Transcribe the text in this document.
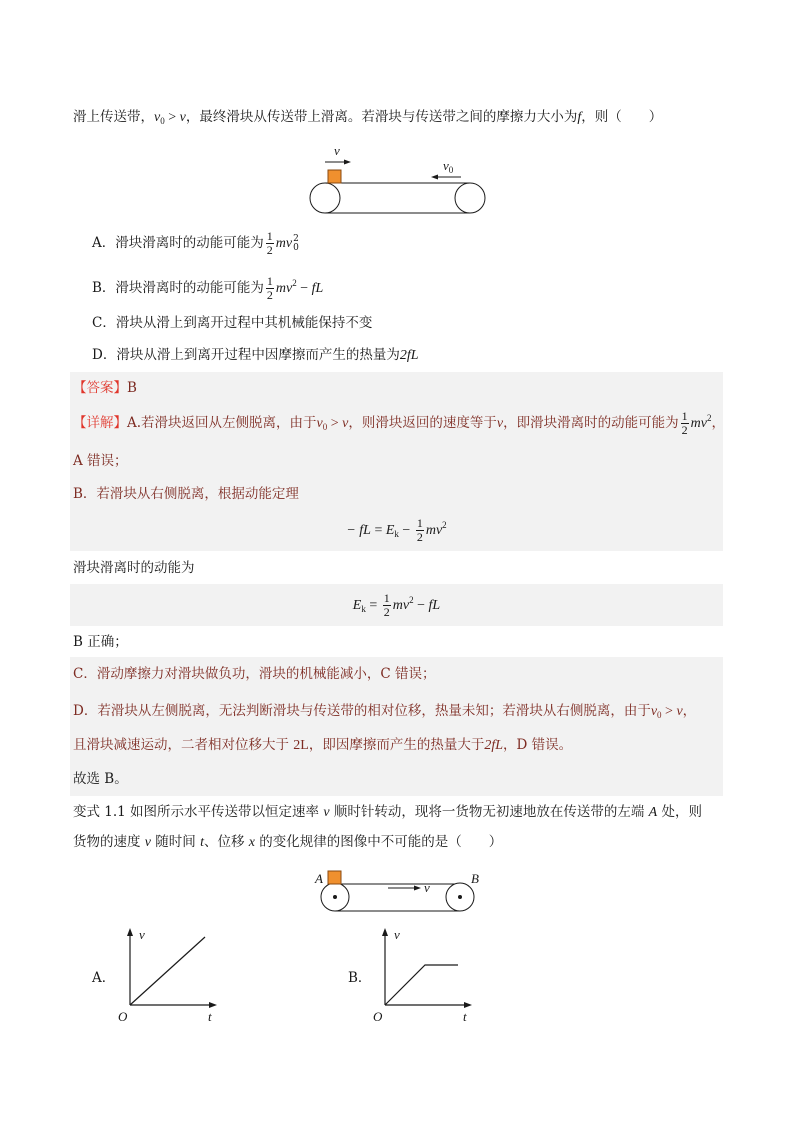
滑上传送带，$v_0 > v$，最终滑块从传送带上滑离。若滑块与传送带之间的摩擦力大小为f，则（　　）
v
$v_0$
A．滑块滑离时的动能可能为 $\frac{1}{2}$ mv 2
0
B．滑块滑离时的动能可能为 $\frac{1}{2} mv^2$ − fL
C．滑块从滑上到离开过程中其机械能保持不变
D．滑块从滑上到离开过程中因摩擦而产生的热量为2fL
【答案】B
【详解】A.若滑块返回从左侧脱离，由于$v_0 > v$，则滑块返回的速度等于v，即滑块滑离时的动能可能为 $\frac{1}{2} mv^2$，
A 错误；
B．若滑块从右侧脱离，根据动能定理
− fL = $E_k - \frac{1}{2} mv^2$
滑块滑离时的动能为
$E_k = \frac{1}{2} mv^2$ − fL
B 正确；
C．滑动摩擦力对滑块做负功，滑块的机械能减小，C 错误；
D．若滑块从左侧脱离，无法判断滑块与传送带的相对位移，热量未知；若滑块从右侧脱离，由于$v_0 > v$，
且滑块减速运动，二者相对位移大于 2L，即因摩擦而产生的热量大于2fL，D 错误。
故选 B。
变式 1.1 如图所示水平传送带以恒定速率 v 顺时针转动，现将一货物无初速地放在传送带的左端 A 处，则
货物的速度 v 随时间 t、位移 x 的变化规律的图像中不可能的是（　　）
A	B
v
A．
v
t
O
B．
v
t
O
